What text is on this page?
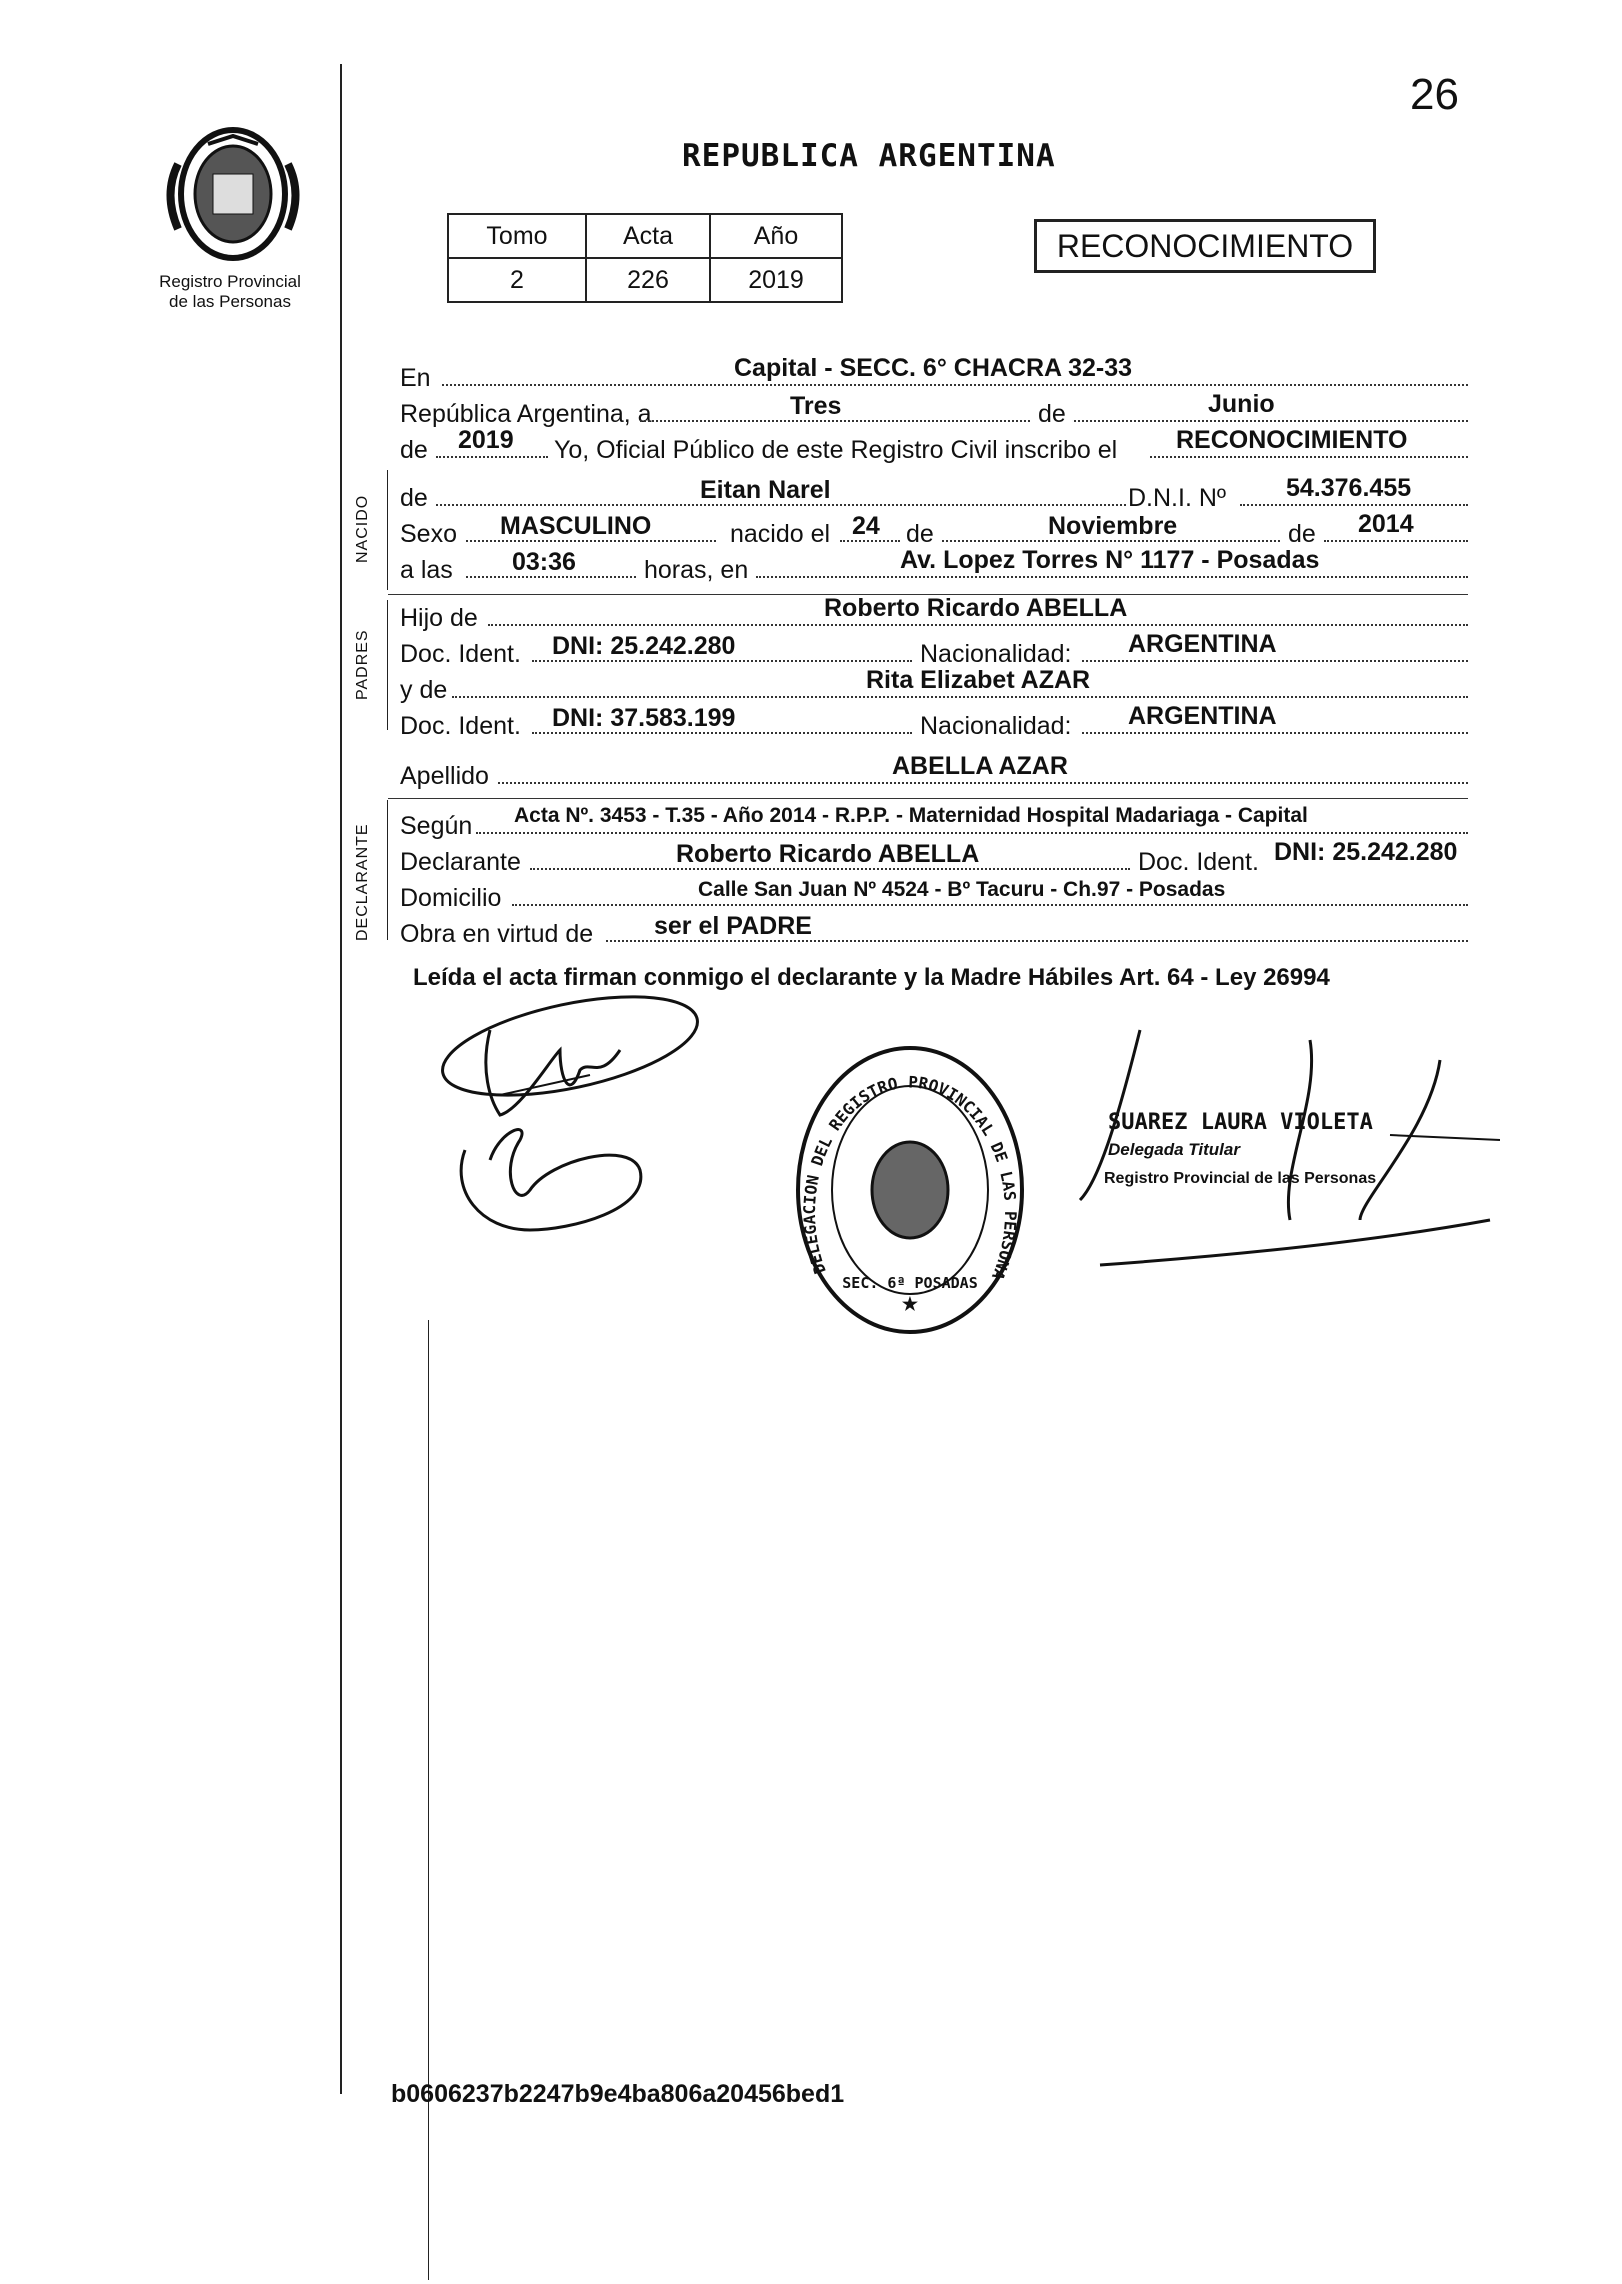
26
Registro Provincial
de las Personas
REPUBLICA ARGENTINA
Tomo	Acta	Año
2	226	2019
RECONOCIMIENTO
NACIDO
PADRES
DECLARANTE
En	Capital - SECC. 6° CHACRA 32-33
República Argentina, a	Tres	de	Junio
de 2019 Yo, Oficial Público de este Registro Civil inscribo el RECONOCIMIENTO
de	Eitan Narel	D.N.I. Nº 54.376.455
Sexo MASCULINO	nacido el 24 de	Noviembre	de 2014
a las 03:36	horas, en	Av. Lopez Torres N° 1177 - Posadas
Hijo de	Roberto Ricardo ABELLA
Doc. Ident. DNI: 25.242.280	Nacionalidad: ARGENTINA
y de	Rita Elizabet AZAR
Doc. Ident. DNI: 37.583.199	Nacionalidad: ARGENTINA
Apellido	ABELLA AZAR
Según Acta Nº. 3453 - T.35 - Año 2014 - R.P.P. - Maternidad Hospital Madariaga - Capital
Declarante	Roberto Ricardo ABELLA	Doc. Ident. DNI: 25.242.280
Domicilio	Calle San Juan Nº 4524 - Bº Tacuru - Ch.97 - Posadas
Obra en virtud de ser el PADRE
Leída el acta firman conmigo el declarante y la Madre Hábiles Art. 64 - Ley 26994
DELEGACION DEL REGISTRO PROVINCIAL DE LAS PERSONA
★
SEC. 6ª POSADAS
SUAREZ LAURA VIOLETA
Delegada Titular
Registro Provincial de las Personas
b0606237b2247b9e4ba806a20456bed1
